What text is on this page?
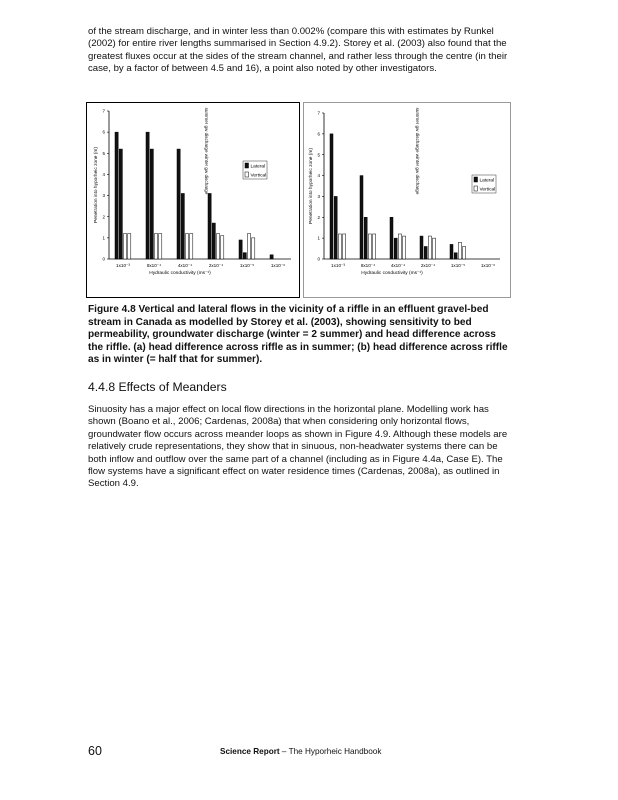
of the stream discharge, and in winter less than 0.002% (compare this with estimates by Runkel (2002) for entire river lengths summarised in Section 4.9.2). Storey et al. (2003) also found that the greatest fluxes occur at the sides of the stream channel, and rather less through the centre (in their case, by a factor of between 4.5 and 16), a point also noted by other investigators.

0
1
2
3
4
5
6
7
Penetration into hyporheic zone (m)
1x10⁻³	8x10⁻⁴	4x10⁻⁴	2x10⁻⁴	1x10⁻⁵	1x10⁻⁶
Hydraulic conductivity (ms⁻¹)
summer gw discharge winter gw discharge	Lateral
Vertical
0
1
2
3
4
5
6
7
Penetration into hyporheic zone (m)
1x10⁻³	8x10⁻⁴	4x10⁻⁴	2x10⁻⁴	1x10⁻⁵	1x10⁻⁶
Hydraulic conductivity (ms⁻¹)
summer gw discharge winter gw discharge	Lateral
Vertical

Figure 4.8 Vertical and lateral flows in the vicinity of a riffle in an effluent gravel-bed stream in Canada as modelled by Storey et al. (2003), showing sensitivity to bed permeability, groundwater discharge (winter = 2 summer) and head difference across the riffle. (a) head difference across riffle as in summer; (b) head difference across riffle as in winter (= half that for summer).

4.4.8 Effects of Meanders

Sinuosity has a major effect on local flow directions in the horizontal plane. Modelling work has shown (Boano et al., 2006; Cardenas, 2008a) that when considering only horizontal flows, groundwater flow occurs across meander loops as shown in Figure 4.9. Although these models are relatively crude representations, they show that in sinuous, non-headwater systems there can be both inflow and outflow over the same part of a channel (including as in Figure 4.4a, Case E). The flow systems have a significant effect on water residence times (Cardenas, 2008a), as outlined in Section 4.9.

60	Science Report – The Hyporheic Handbook
